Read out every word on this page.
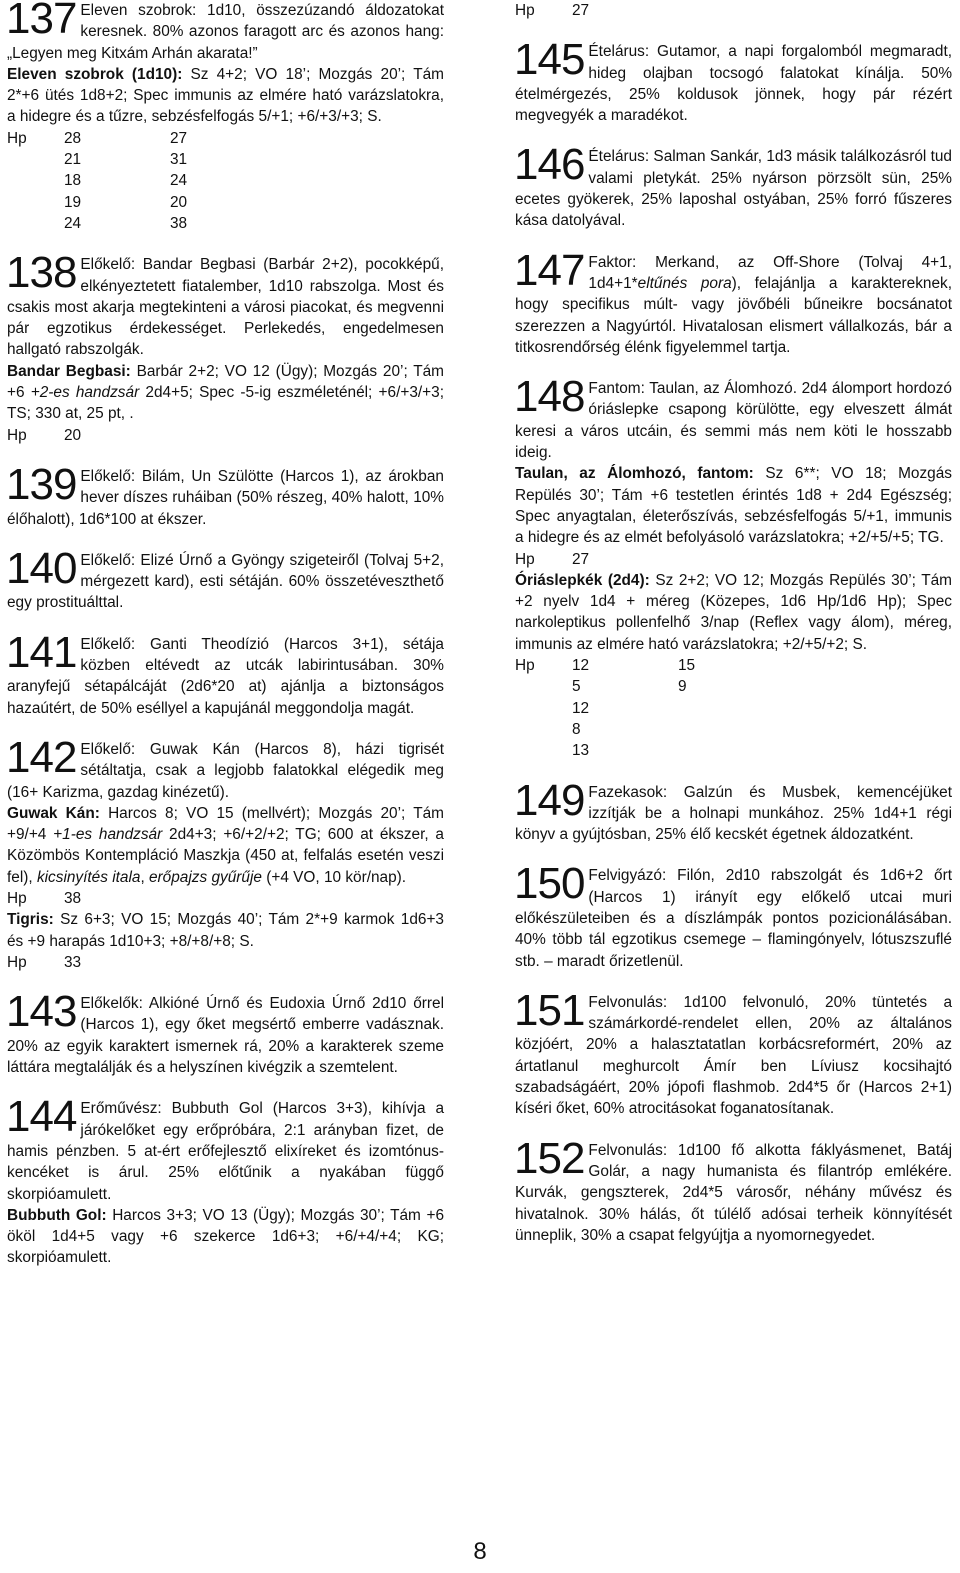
137 Eleven szobrok: 1d10, összezúzandó áldozatokat keresnek. 80% azonos faragott arc és azonos hang: „Legyen meg Kitхám Arhán akarata!”

Eleven szobrok (1d10): Sz 4+2; VO 18’; Mozgás 20’; Tám 2*+6 ütés 1d8+2; Spec immunis az elmére ható varázslatokra, a hidegre és a tűzre, sebzésfelfogás 5/+1; +6/+3/+3; S.

Hp	28	27
	21	31
	18	24
	19	20
	24	38

138 Előkelő: Bandar Begbasi (Barbár 2+2), pocokképű, elkényeztetett fiatalember, 1d10 rabszolga. Most és csakis most akarja megtekinteni a városi piacokat, és megvenni pár egzotikus érdekességet. Perlekedés, engedelmesen hallgató rabszolgák.

Bandar Begbasi: Barbár 2+2; VO 12 (Ügy); Mozgás 20’; Tám +6 +2-es handzsár 2d4+5; Spec -5-ig eszméleténél; +6/+3/+3; TS; 330 at, 25 pt, .

Hp	20

139 Előkelő: Bilám, Un Szülötte (Harcos 1), az árokban hever díszes ruháiban (50% részeg, 40% halott, 10% élőhalott), 1d6*100 at ékszer.

140 Előkelő: Elizé Úrnő a Gyöngy szigeteiről (Tolvaj 5+2, mérgezett kard), esti sétáján. 60% összetéveszthető egy prostituálttal.

141 Előkelő: Ganti Theodízió (Harcos 3+1), sétája közben eltévedt az utcák labirintusában. 30% aranyfejű sétapálcáját (2d6*20 at) ajánlja a biztonságos hazaútért, de 50% eséllyel a kapujánál meggondolja magát.

142 Előkelő: Guwak Kán (Harcos 8), házi tigrisét sétáltatja, csak a legjobb falatokkal elégedik meg (16+ Karizma, gazdag kinézetű).

Guwak Kán: Harcos 8; VO 15 (mellvért); Mozgás 20’; Tám +9/+4 +1-es handzsár 2d4+3; +6/+2/+2; TG; 600 at ékszer, a Közömbös Kontempláció Maszkja (450 at, felfalás esetén veszi fel), kicsinyítés itala, erőpajzs gyűrűje (+4 VO, 10 kör/nap).

Hp	38

Tigris: Sz 6+3; VO 15; Mozgás 40’; Tám 2*+9 karmok 1d6+3 és +9 harapás 1d10+3; +8/+8/+8; S.

Hp	33

143 Előkelők: Alkióné Úrnő és Eudoxia Úrnő 2d10 őrrel (Harcos 1), egy őket megsértő emberre vadásznak. 20% az egyik karaktert ismernek rá, 20% a karakterek szeme láttára megtalálják és a helyszínen kivégzik a szemtelent.

144 Erőművész: Bubbuth Gol (Harcos 3+3), kihívja a járókelőket egy erőpróbára, 2:1 arányban fizet, de hamis pénzben. 5 at-ért erőfejlesztő elixíreket és izomtónus-kencéket is árul. 25% előtűnik a nyakában függő skorpióamulett.

Bubbuth Gol: Harcos 3+3; VO 13 (Ügy); Mozgás 30’; Tám +6 ököl 1d4+5 vagy +6 szekerce 1d6+3; +6/+4/+4; KG; skorpióamulett.

Hp	27

145 Ételárus: Gutamor, a napi forgalomból megmaradt, hideg olajban tocsogó falatokat kínálja. 50% ételmérgezés, 25% koldusok jönnek, hogy pár rézért megvegyék a maradékot.

146 Ételárus: Salman Sankár, 1d3 másik találkozásról tud valami pletykát. 25% nyárson pörzsölt sün, 25% ecetes gyökerek, 25% laposhal ostyában, 25% forró fűszeres kása datolyával.

147 Faktor: Merkand, az Off-Shore (Tolvaj 4+1, 1d4+1*eltűnés pora), felajánlja a karaktereknek, hogy specifikus múlt- vagy jövőbéli bűneikre bocsánatot szerezzen a Nagyúrtól. Hivatalosan elismert vállalkozás, bár a titkosrendőrség élénk figyelemmel tartja.

148 Fantom: Taulan, az Álomhozó. 2d4 álomport hordozó óriáslepke csapong körülötte, egy elveszett álmát keresi a város utcáin, és semmi más nem köti le hosszabb ideig.

Taulan, az Álomhozó, fantom: Sz 6**; VO 18; Mozgás Repülés 30’; Tám +6 testetlen érintés 1d8 + 2d4 Egészség; Spec anyagtalan, életerőszívás, sebzésfelfogás 5/+1, immunis a hidegre és az elmét befolyásoló varázslatokra; +2/+5/+5; TG.

Hp	27

Óriáslepkék (2d4): Sz 2+2; VO 12; Mozgás Repülés 30’; Tám +2 nyelv 1d4 + méreg (Közepes, 1d6 Hp/1d6 Hp); Spec narkoleptikus pollenfelhő 3/nap (Reflex vagy álom), méreg, immunis az elmére ható varázslatokra; +2/+5/+2; S.

Hp	12	15
	5	9
	12	
	8	
	13	

149 Fazekasok: Galzún és Musbek, kemencéjüket izzítják be a holnapi munkához. 25% 1d4+1 régi könyv a gyújtósban, 25% élő kecskét égetnek áldozatként.

150 Felvigyázó: Filón, 2d10 rabszolgát és 1d6+2 őrt (Harcos 1) irányít egy előkelő utcai muri előkészületeiben és a díszlámpák pontos pozicionálásában. 40% több tál egzotikus csemege – flamingónyelv, lótuszszuflé stb. – maradt őrizetlenül.

151 Felvonulás: 1d100 felvonuló, 20% tüntetés a számárkordé-rendelet ellen, 20% az általános közjóért, 20% a halasztatatlan korbácsreformért, 20% az ártatlanul meghurcolt Ámír ben Líviusz kocsihajtó szabadságáért, 20% jópofi flashmob. 2d4*5 őr (Harcos 2+1) kíséri őket, 60% atrocitásokat foganatosítanak.

152 Felvonulás: 1d100 fő alkotta fáklyásmenet, Batáj Golár, a nagy humanista és filantróp emlékére. Kurvák, gengszterek, 2d4*5 városőr, néhány művész és hivatalnok. 30% hálás, őt túlélő adósai terheik könnyítését ünneplik, 30% a csapat felgyújtja a nyomornegyedet.

8
